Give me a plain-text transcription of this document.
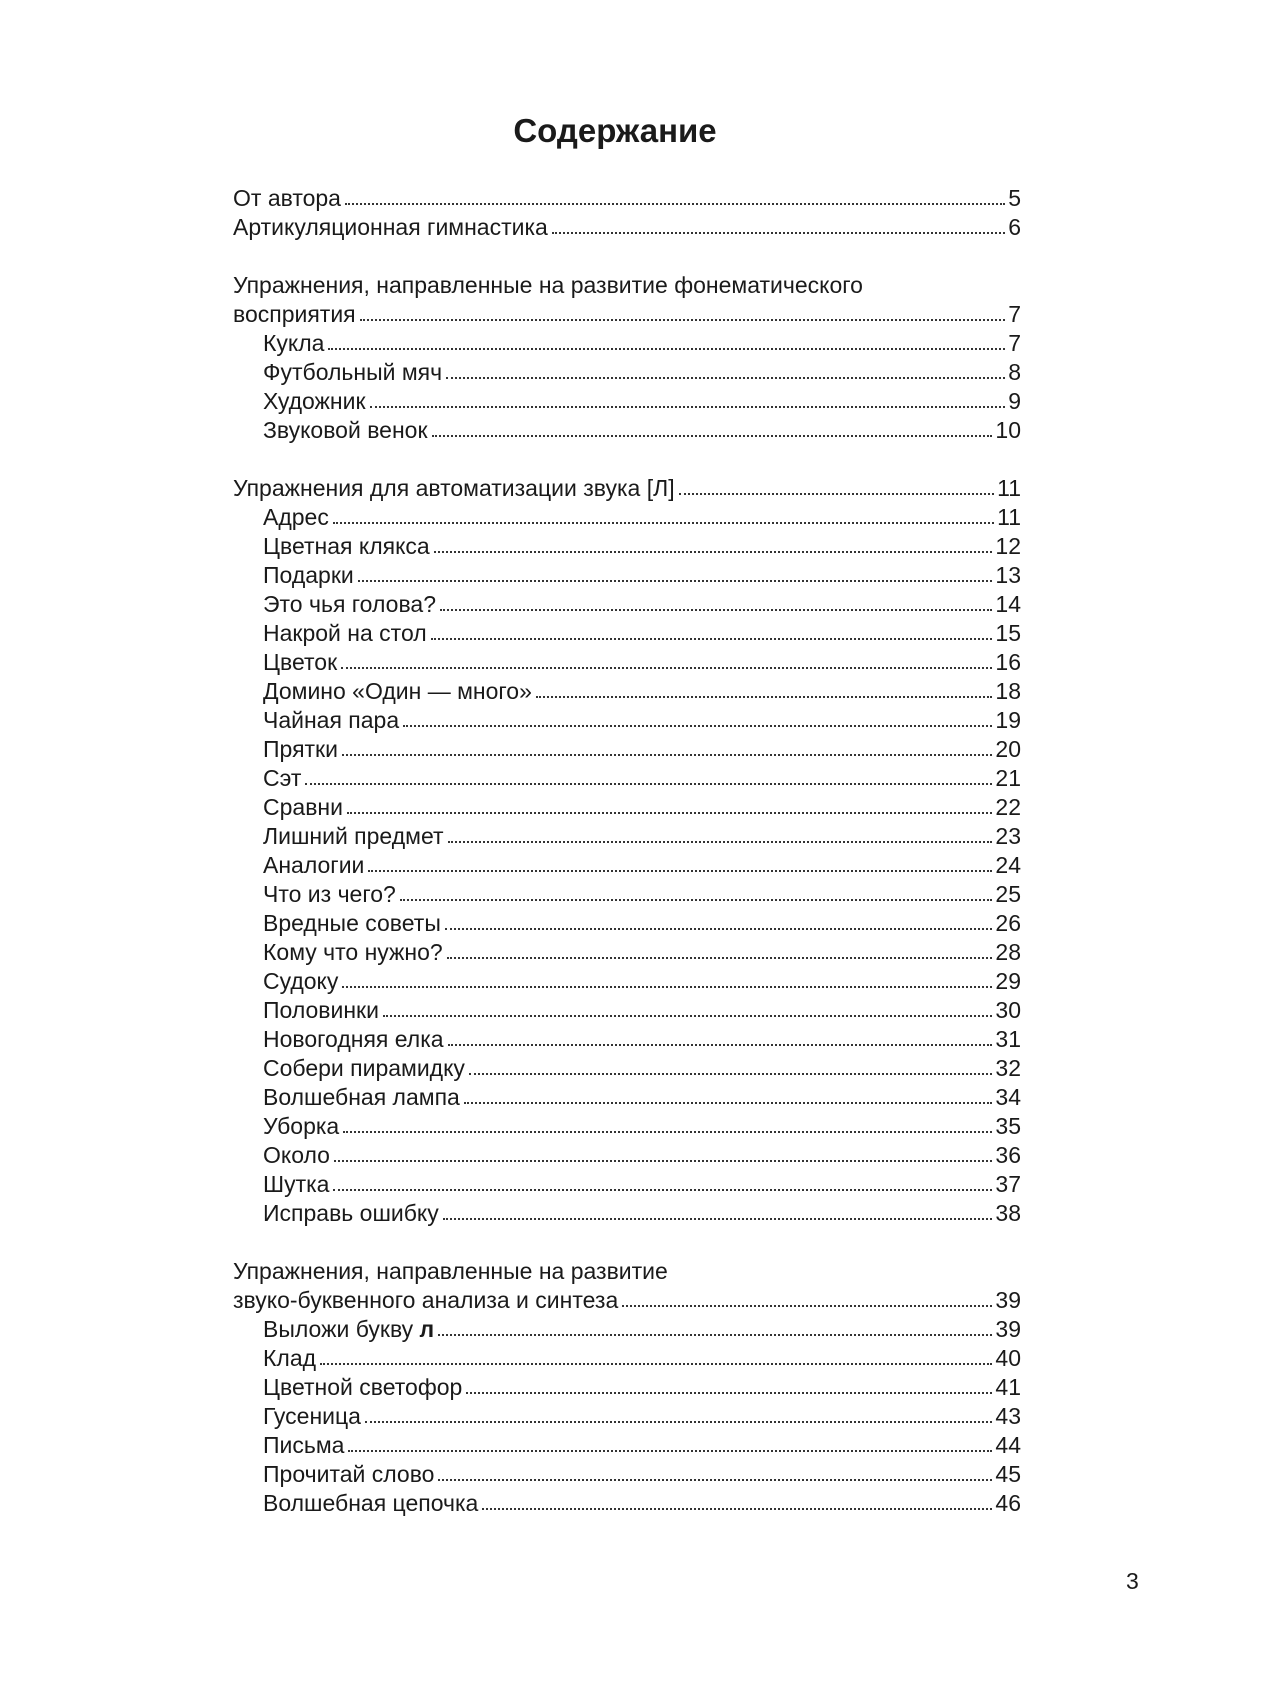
Содержание
От автора	5
Артикуляционная гимнастика	6
Упражнения, направленные на развитие фонематического
восприятия	7
Кукла	7
Футбольный мяч	8
Художник	9
Звуковой венок	10
Упражнения для автоматизации звука [Л]	11
Адрес	11
Цветная клякса	12
Подарки	13
Это чья голова?	14
Накрой на стол	15
Цветок	16
Домино «Один — много»	18
Чайная пара	19
Прятки	20
Сэт	21
Сравни	22
Лишний предмет	23
Аналогии	24
Что из чего?	25
Вредные советы	26
Кому что нужно?	28
Судоку	29
Половинки	30
Новогодняя елка	31
Собери пирамидку	32
Волшебная лампа	34
Уборка	35
Около	36
Шутка	37
Исправь ошибку	38
Упражнения, направленные на развитие
звуко-буквенного анализа и синтеза	39
Выложи букву л	39
Клад	40
Цветной светофор	41
Гусеница	43
Письма	44
Прочитай слово	45
Волшебная цепочка	46
3
